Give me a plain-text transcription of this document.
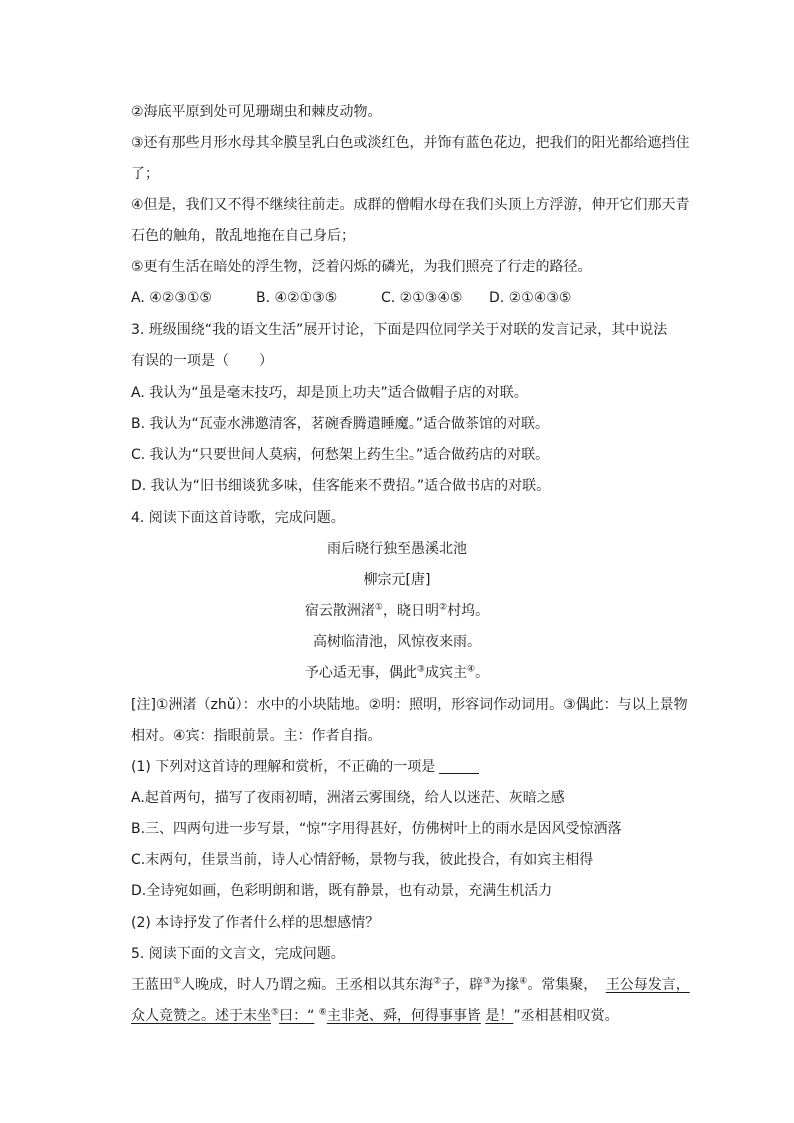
②海底平原到处可见珊瑚虫和棘皮动物。
③还有那些月形水母其伞膜呈乳白色或淡红色，并饰有蓝色花边，把我们的阳光都给遮挡住
了；
④但是，我们又不得不继续往前走。成群的僧帽水母在我们头顶上方浮游，伸开它们那天青
石色的触角，散乱地拖在自己身后；
⑤更有生活在暗处的浮生物，泛着闪烁的磷光，为我们照亮了行走的路径。
A. ④②③①⑤	B. ④②①③⑤	C. ②①③④⑤ D. ②①④③⑤
3. 班级围绕“我的语文生活”展开讨论，下面是四位同学关于对联的发言记录，其中说法
有误的一项是（ ）
A. 我认为“虽是毫末技巧，却是顶上功夫”适合做帽子店的对联。
B. 我认为“瓦壶水沸邀清客，茗碗香腾遣睡魔。”适合做茶馆的对联。
C. 我认为“只要世间人莫病，何愁架上药生尘。”适合做药店的对联。
D. 我认为“旧书细谈犹多味，佳客能来不费招。”适合做书店的对联。
4. 阅读下面这首诗歌，完成问题。
雨后晓行独至愚溪北池
柳宗元[唐]
宿云散洲渚①，晓日明②村坞。
高树临清池，风惊夜来雨。
予心适无事，偶此③成宾主④。
[注]①洲渚（zhǔ）：水中的小块陆地。②明：照明，形容词作动词用。③偶此：与以上景物
相对。④宾：指眼前景。主：作者自指。
(1) 下列对这首诗的理解和赏析，不正确的一项是
A.起首两句，描写了夜雨初晴，洲渚云雾围绕，给人以迷茫、灰暗之感
B.三、四两句进一步写景，“惊”字用得甚好，仿佛树叶上的雨水是因风受惊洒落
C.末两句，佳景当前，诗人心情舒畅，景物与我，彼此投合，有如宾主相得
D.全诗宛如画，色彩明朗和谐，既有静景，也有动景，充满生机活力
(2) 本诗抒发了作者什么样的思想感情？
5. 阅读下面的文言文，完成问题。
王蓝田①人晚成，时人乃谓之痴。王丞相以其东海②子，辟③为掾④。常集聚， 王公每发言，
众人竞赞之。述于末坐⑤曰：“ ⑥主非尧、舜，何得事事皆 是！”丞相甚相叹赏。
